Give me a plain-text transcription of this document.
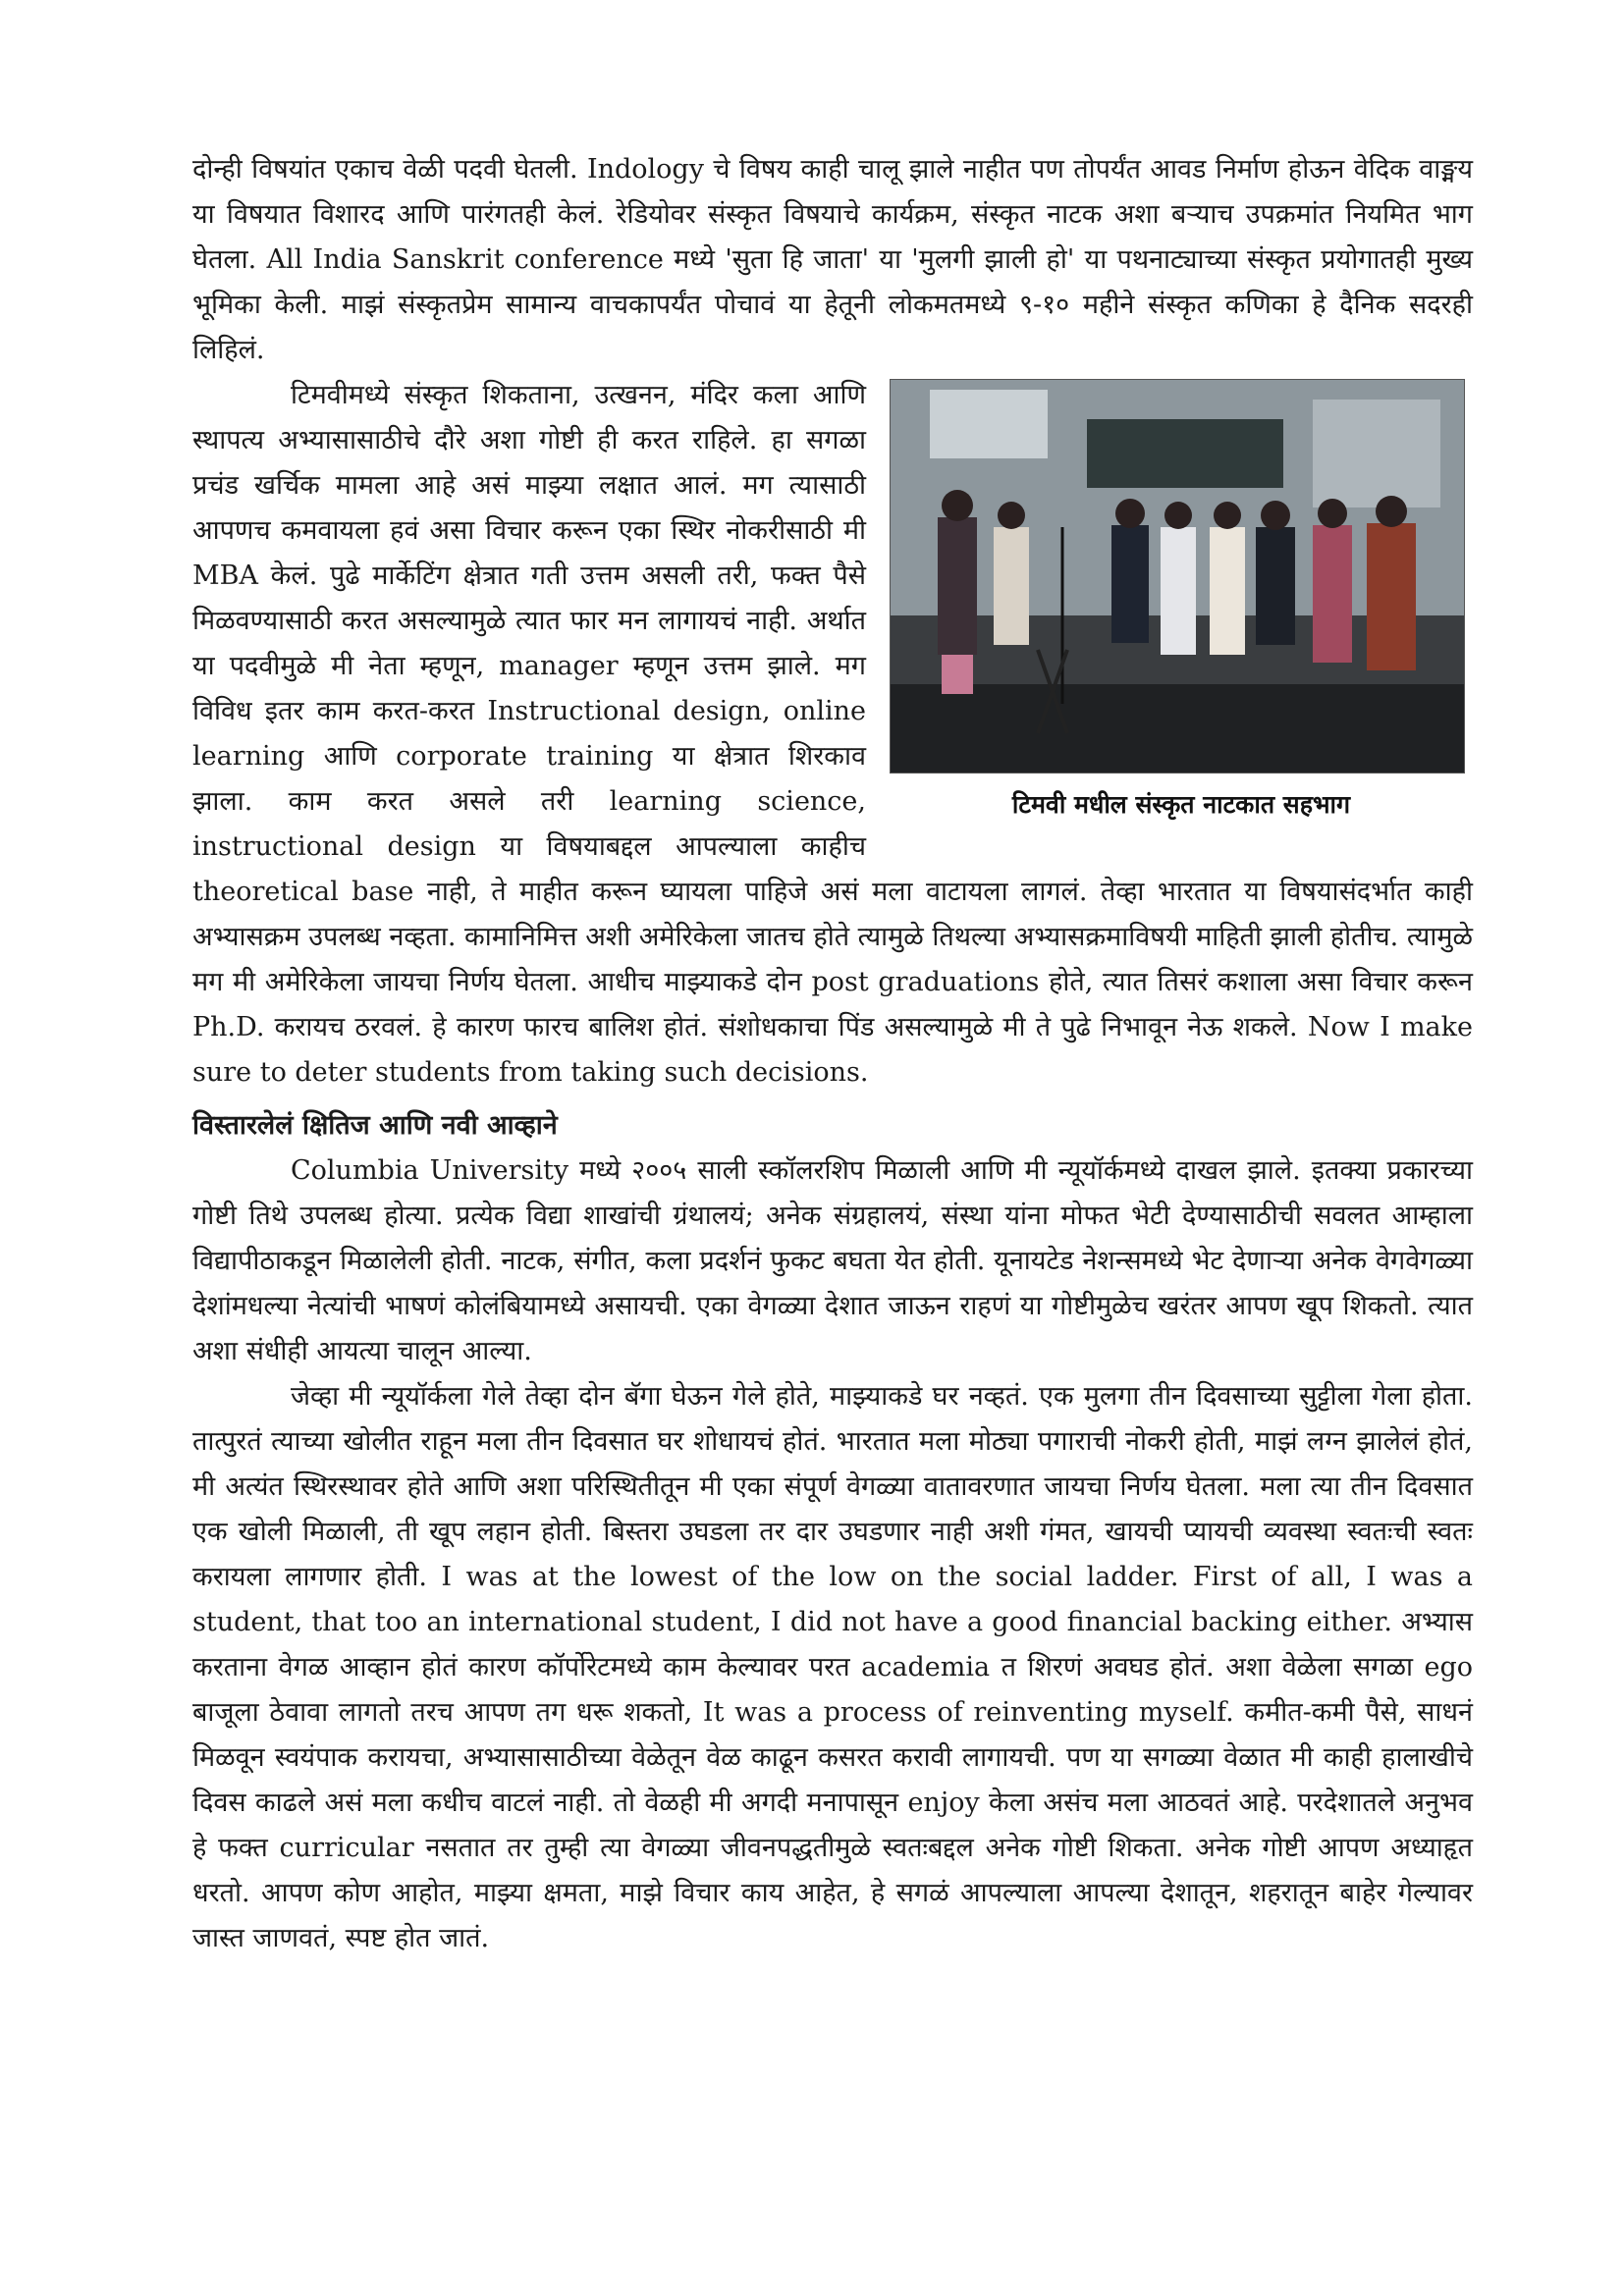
दोन्ही विषयांत एकाच वेळी पदवी घेतली. Indology चे विषय काही चालू झाले नाहीत पण तोपर्यंत आवड निर्माण होऊन वेदिक वाङ्मय या विषयात विशारद आणि पारंगतही केलं. रेडियोवर संस्कृत विषयाचे कार्यक्रम, संस्कृत नाटक अशा बऱ्याच उपक्रमांत नियमित भाग घेतला. All India Sanskrit conference मध्ये 'सुता हि जाता' या 'मुलगी झाली हो' या पथनाट्याच्या संस्कृत प्रयोगातही मुख्य भूमिका केली. माझं संस्कृतप्रेम सामान्य वाचकापर्यंत पोचावं या हेतूनी लोकमतमध्ये ९-१० महीने संस्कृत कणिका हे दैनिक सदरही लिहिलं.

टिमवी मधील संस्कृत नाटकात सहभाग

टिमवीमध्ये संस्कृत शिकताना, उत्खनन, मंदिर कला आणि स्थापत्य अभ्यासासाठीचे दौरे अशा गोष्टी ही करत राहिले. हा सगळा प्रचंड खर्चिक मामला आहे असं माझ्या लक्षात आलं. मग त्यासाठी आपणच कमवायला हवं असा विचार करून एका स्थिर नोकरीसाठी मी MBA केलं. पुढे मार्केटिंग क्षेत्रात गती उत्तम असली तरी, फक्त पैसे मिळवण्यासाठी करत असल्यामुळे त्यात फार मन लागायचं नाही. अर्थात या पदवीमुळे मी नेता म्हणून, manager म्हणून उत्तम झाले. मग विविध इतर काम करत-करत Instructional design, online learning आणि corporate training या क्षेत्रात शिरकाव झाला. काम करत असले तरी learning science, instructional design या विषयाबद्दल आपल्याला काहीच theoretical base नाही, ते माहीत करून घ्यायला पाहिजे असं मला वाटायला लागलं. तेव्हा भारतात या विषयासंदर्भात काही अभ्यासक्रम उपलब्ध नव्हता. कामानिमित्त अशी अमेरिकेला जातच होते त्यामुळे तिथल्या अभ्यासक्रमाविषयी माहिती झाली होतीच. त्यामुळे मग मी अमेरिकेला जायचा निर्णय घेतला. आधीच माझ्याकडे दोन post graduations होते, त्यात तिसरं कशाला असा विचार करून Ph.D. करायच ठरवलं. हे कारण फारच बालिश होतं. संशोधकाचा पिंड असल्यामुळे मी ते पुढे निभावून नेऊ शकले. Now I make sure to deter students from taking such decisions.

विस्तारलेलं क्षितिज आणि नवी आव्हाने

Columbia University मध्ये २००५ साली स्कॉलरशिप मिळाली आणि मी न्यूयॉर्कमध्ये दाखल झाले. इतक्या प्रकारच्या गोष्टी तिथे उपलब्ध होत्या. प्रत्येक विद्या शाखांची ग्रंथालयं; अनेक संग्रहालयं, संस्था यांना मोफत भेटी देण्यासाठीची सवलत आम्हाला विद्यापीठाकडून मिळालेली होती. नाटक, संगीत, कला प्रदर्शनं फुकट बघता येत होती. यूनायटेड नेशन्समध्ये भेट देणाऱ्या अनेक वेगवेगळ्या देशांमधल्या नेत्यांची भाषणं कोलंबियामध्ये असायची. एका वेगळ्या देशात जाऊन राहणं या गोष्टीमुळेच खरंतर आपण खूप शिकतो. त्यात अशा संधीही आयत्या चालून आल्या.

जेव्हा मी न्यूयॉर्कला गेले तेव्हा दोन बॅगा घेऊन गेले होते, माझ्याकडे घर नव्हतं. एक मुलगा तीन दिवसाच्या सुट्टीला गेला होता. तात्पुरतं त्याच्या खोलीत राहून मला तीन दिवसात घर शोधायचं होतं. भारतात मला मोठ्या पगाराची नोकरी होती, माझं लग्न झालेलं होतं, मी अत्यंत स्थिरस्थावर होते आणि अशा परिस्थितीतून मी एका संपूर्ण वेगळ्या वातावरणात जायचा निर्णय घेतला. मला त्या तीन दिवसात एक खोली मिळाली, ती खूप लहान होती. बिस्तरा उघडला तर दार उघडणार नाही अशी गंमत, खायची प्यायची व्यवस्था स्वतःची स्वतः करायला लागणार होती. I was at the lowest of the low on the social ladder. First of all, I was a student, that too an international student, I did not have a good financial backing either. अभ्यास करताना वेगळ आव्हान होतं कारण कॉर्पोरेटमध्ये काम केल्यावर परत academia त शिरणं अवघड होतं. अशा वेळेला सगळा ego बाजूला ठेवावा लागतो तरच आपण तग धरू शकतो, It was a process of reinventing myself. कमीत-कमी पैसे, साधनं मिळवून स्वयंपाक करायचा, अभ्यासासाठीच्या वेळेतून वेळ काढून कसरत करावी लागायची. पण या सगळ्या वेळात मी काही हालाखीचे दिवस काढले असं मला कधीच वाटलं नाही. तो वेळही मी अगदी मनापासून enjoy केला असंच मला आठवतं आहे. परदेशातले अनुभव हे फक्त curricular नसतात तर तुम्ही त्या वेगळ्या जीवनपद्धतीमुळे स्वतःबद्दल अनेक गोष्टी शिकता. अनेक गोष्टी आपण अध्याहृत धरतो. आपण कोण आहोत, माझ्या क्षमता, माझे विचार काय आहेत, हे सगळं आपल्याला आपल्या देशातून, शहरातून बाहेर गेल्यावर जास्त जाणवतं, स्पष्ट होत जातं.
